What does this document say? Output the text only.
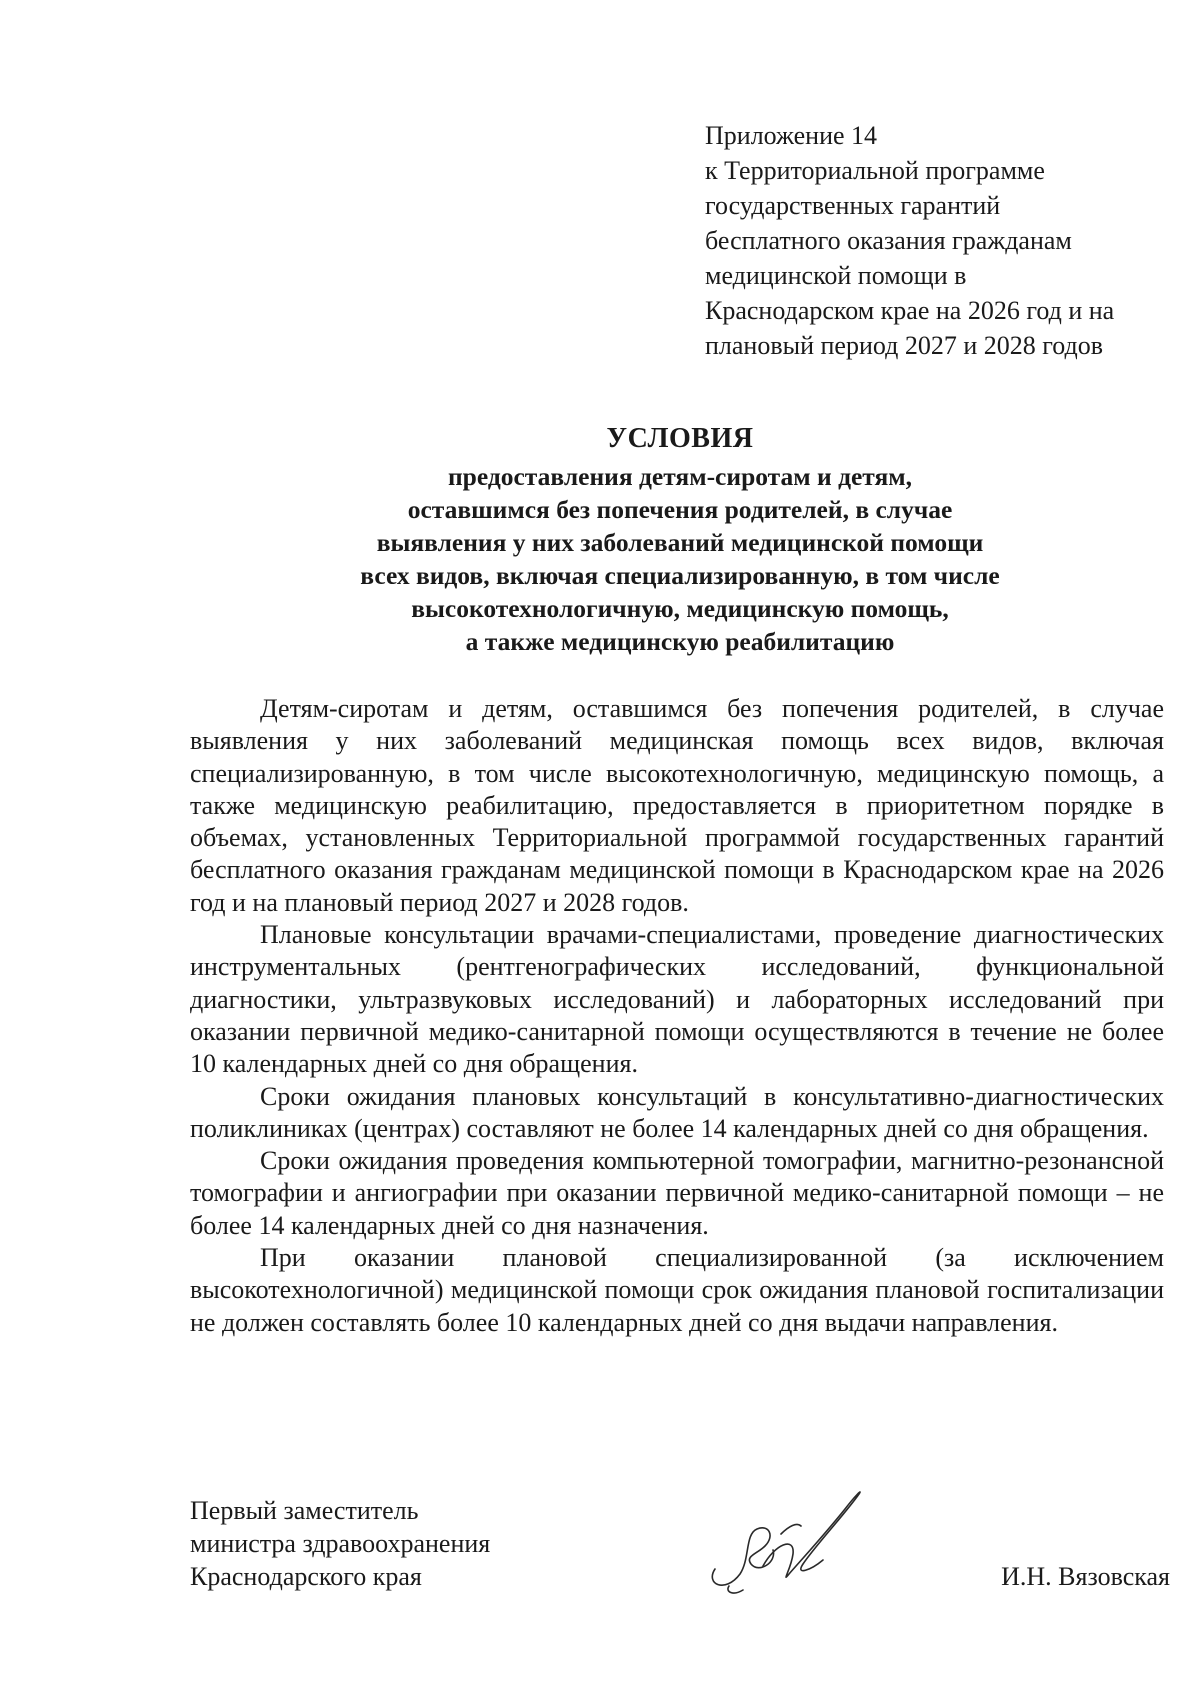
Приложение 14
к Территориальной программе
государственных гарантий
бесплатного оказания гражданам
медицинской помощи в
Краснодарском крае на 2026 год и на
плановый период 2027 и 2028 годов
УСЛОВИЯ
предоставления детям-сиротам и детям,
оставшимся без попечения родителей, в случае
выявления у них заболеваний медицинской помощи
всех видов, включая специализированную, в том числе
высокотехнологичную, медицинскую помощь,
а также медицинскую реабилитацию

Детям-сиротам и детям, оставшимся без попечения родителей, в случае выявления у них заболеваний медицинская помощь всех видов, включая специализированную, в том числе высокотехнологичную, медицинскую помощь, а также медицинскую реабилитацию, предоставляется в приоритетном порядке в объемах, установленных Территориальной программой государственных гарантий бесплатного оказания гражданам медицинской помощи в Краснодарском крае на 2026 год и на плановый период 2027 и 2028 годов.

Плановые консультации врачами-специалистами, проведение диагностических инструментальных (рентгенографических исследований, функциональной диагностики, ультразвуковых исследований) и лабораторных исследований при оказании первичной медико-санитарной помощи осуществляются в течение не более 10 календарных дней со дня обращения.

Сроки ожидания плановых консультаций в консультативно-диагностических поликлиниках (центрах) составляют не более 14 календарных дней со дня обращения.

Сроки ожидания проведения компьютерной томографии, магнитно-резонансной томографии и ангиографии при оказании первичной медико-санитарной помощи – не более 14 календарных дней со дня назначения.

При оказании плановой специализированной (за исключением высокотехнологичной) медицинской помощи срок ожидания плановой госпитализации не должен составлять более 10 календарных дней со дня выдачи направления.

Первый заместитель
министра здравоохранения
Краснодарского края	И.Н. Вязовская
